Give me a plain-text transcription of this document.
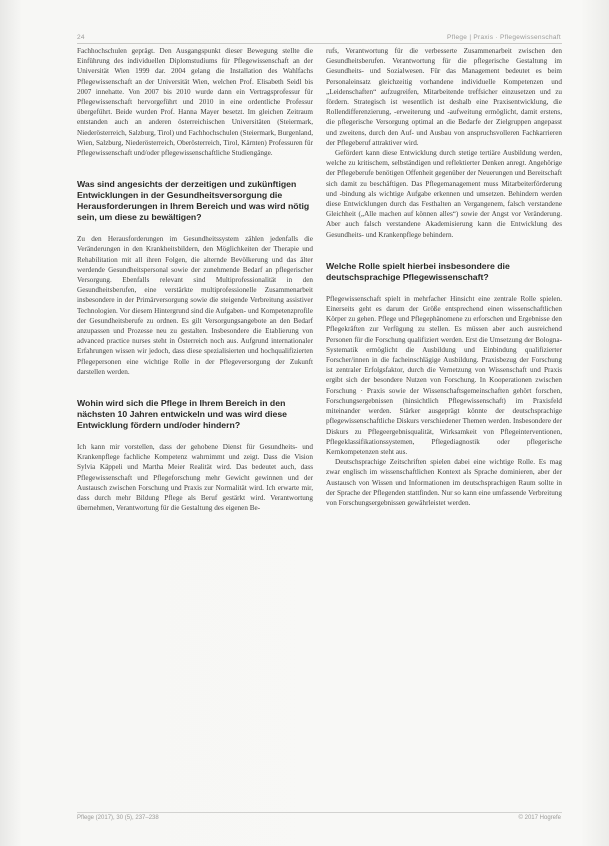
24	Pflege | Praxis · Pflegewissenschaft

Fachhochschulen geprägt. Den Ausgangspunkt dieser Bewegung stellte die Einführung des individuellen Diplomstudiums für Pflegewissenschaft an der Universität Wien 1999 dar. 2004 gelang die Installation des Wahlfachs Pflegewissenschaft an der Universität Wien, welchen Prof. Elisabeth Seidl bis 2007 innehatte. Von 2007 bis 2010 wurde dann ein Vertragsprofessur für Pflegewissenschaft hervorgeführt und 2010 in eine ordentliche Professur übergeführt. Beide wurden Prof. Hanna Mayer besetzt. Im gleichen Zeitraum entstanden auch an anderen österreichischen Universitäten (Steiermark, Niederösterreich, Salzburg, Tirol) und Fachhochschulen (Steiermark, Burgenland, Wien, Salzburg, Niederösterreich, Oberösterreich, Tirol, Kärnten) Professuren für Pflegewissenschaft und/oder pflegewissenschaftliche Studiengänge.

Was sind angesichts der derzeitigen und zukünftigen Entwicklungen in der Gesundheitsversorgung die Herausforderungen in Ihrem Bereich und was wird nötig sein, um diese zu bewältigen?

Zu den Herausforderungen im Gesundheitssystem zählen jedenfalls die Veränderungen in den Krankheitsbildern, den Möglichkeiten der Therapie und Rehabilitation mit all ihren Folgen, die alternde Bevölkerung und das älter werdende Gesundheitspersonal sowie der zunehmende Bedarf an pflegerischer Versorgung. Ebenfalls relevant sind Multiprofessionalität in den Gesundheitsberufen, eine verstärkte multiprofessionelle Zusammenarbeit insbesondere in der Primärversorgung sowie die steigende Verbreitung assistiver Technologien. Vor diesem Hintergrund sind die Aufgaben- und Kompetenzprofile der Gesundheitsberufe zu ordnen. Es gilt Versorgungsangebote an den Bedarf anzupassen und Prozesse neu zu gestalten. Insbesondere die Etablierung von advanced practice nurses steht in Österreich noch aus. Aufgrund internationaler Erfahrungen wissen wir jedoch, dass diese spezialisierten und hochqualifizierten Pflegepersonen eine wichtige Rolle in der Pflegeversorgung der Zukunft darstellen werden.

Wohin wird sich die Pflege in Ihrem Bereich in den nächsten 10 Jahren entwickeln und was wird diese Entwicklung fördern und/oder hindern?

Ich kann mir vorstellen, dass der gehobene Dienst für Gesundheits- und Krankenpflege fachliche Kompetenz wahrnimmt und zeigt. Dass die Vision Sylvia Käppeli und Martha Meier Realität wird. Das bedeutet auch, dass Pflegewissenschaft und Pflegeforschung mehr Gewicht gewinnen und der Austausch zwischen Forschung und Praxis zur Normalität wird. Ich erwarte mir, dass durch mehr Bildung Pflege als Beruf gestärkt wird. Verantwortung übernehmen, Verantwortung für die Gestaltung des eigenen Be-

rufs, Verantwortung für die verbesserte Zusammenarbeit zwischen den Gesundheitsberufen. Verantwortung für die pflegerische Gestaltung im Gesundheits- und Sozialwesen. Für das Management bedeutet es beim Personaleinsatz gleichzeitig vorhandene individuelle Kompetenzen und „Leidenschaften“ aufzugreifen, Mitarbeitende treffsicher einzusetzen und zu fördern. Strategisch ist wesentlich ist deshalb eine Praxisentwicklung, die Rollendifferenzierung, -erweiterung und -aufweitung ermöglicht, damit erstens, die pflegerische Versorgung optimal an die Bedarfe der Zielgruppen angepasst und zweitens, durch den Auf- und Ausbau von anspruchsvolleren Fachkarrieren der Pflegeberuf attraktiver wird.

Gefördert kann diese Entwicklung durch stetige tertiäre Ausbildung werden, welche zu kritischem, selbständigen und reflektierter Denken anregt. Angehörige der Pflegeberufe benötigen Offenheit gegenüber der Neuerungen und Bereitschaft sich damit zu beschäftigen. Das Pflegemanagement muss Mitarbeiterförderung und -bindung als wichtige Aufgabe erkennen und umsetzen. Behindern werden diese Entwicklungen durch das Festhalten an Vergangenem, falsch verstandene Gleichheit („Alle machen auf können alles“) sowie der Angst vor Veränderung. Aber auch falsch verstandene Akademisierung kann die Entwicklung des Gesundheits- und Krankenpflege behindern.

Welche Rolle spielt hierbei insbesondere die deutschsprachige Pflegewissenschaft?

Pflegewissenschaft spielt in mehrfacher Hinsicht eine zentrale Rolle spielen. Einerseits geht es darum der Größe entsprechend einen wissenschaftlichen Körper zu gehen. Pflege und Pflegephänomene zu erforschen und Ergebnisse den Pflegekräften zur Verfügung zu stellen. Es müssen aber auch ausreichend Personen für die Forschung qualifiziert werden. Erst die Umsetzung der Bologna-Systematik ermöglicht die Ausbildung und Einbindung qualifizierter Forscher/innen in die facheinschlägige Ausbildung. Praxisbezug der Forschung ist zentraler Erfolgsfaktor, durch die Vernetzung von Wissenschaft und Praxis ergibt sich der besondere Nutzen von Forschung. In Kooperationen zwischen Forschung · Praxis sowie der Wissenschaftsgemeinschaften gehört forschen, Forschungsergebnissen (hinsichtlich Pflegewissenschaft) im Praxisfeld miteinander werden. Stärker ausgeprägt könnte der deutschsprachige pflegewissenschaftliche Diskurs verschiedener Themen werden. Insbesondere der Diskurs zu Pflegeergebnisqualität, Wirksamkeit von Pflegeinterventionen, Pflegeklassifikationssystemen, Pflegediagnostik oder pflegerische Kernkompetenzen steht aus.

Deutschsprachige Zeitschriften spielen dabei eine wichtige Rolle. Es mag zwar englisch im wissenschaftlichen Kontext als Sprache dominieren, aber der Austausch von Wissen und Informationen im deutschsprachigen Raum sollte in der Sprache der Pflegenden stattfinden. Nur so kann eine umfassende Verbreitung von Forschungsergebnissen gewährleistet werden.

Pflege (2017), 30 (5), 237–238	© 2017 Hogrefe
